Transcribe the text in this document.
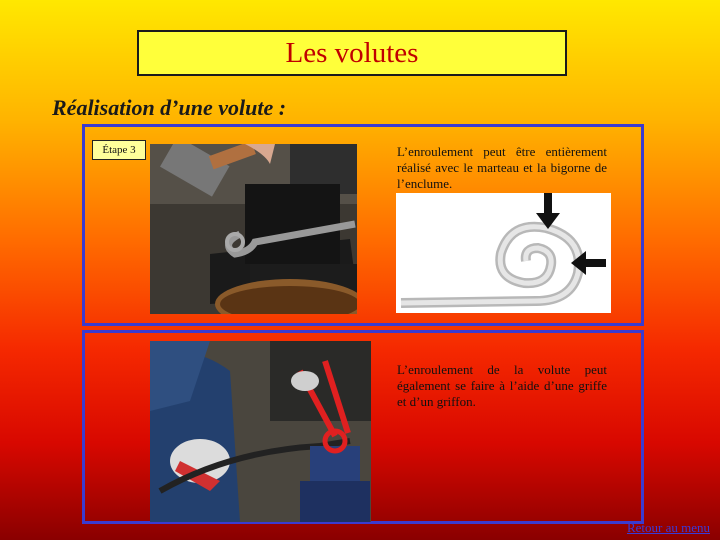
Les volutes
Réalisation d’une volute :
Étape 3	L’enroulement peut être entièrement réalisé avec le marteau et la bigorne de l’enclume.
L’enroulement de la volute peut également se faire à l’aide d’une griffe et d’un griffon.
Retour au menu
